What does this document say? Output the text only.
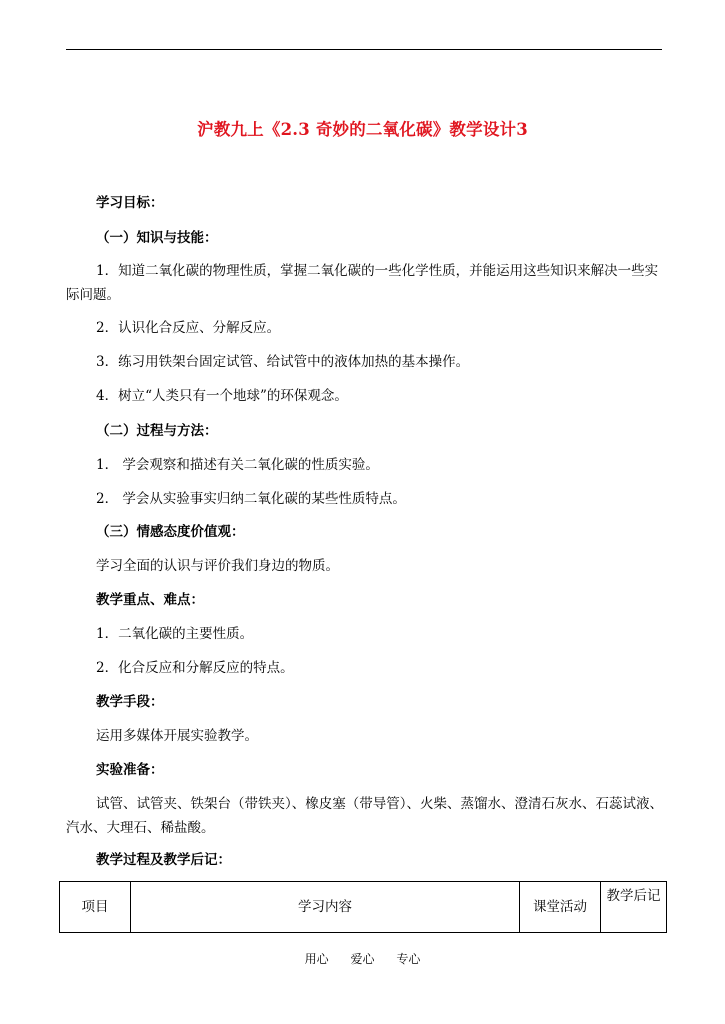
沪教九上《2.3 奇妙的二氧化碳》教学设计3
学习目标：
（一）知识与技能：
1．知道二氧化碳的物理性质，掌握二氧化碳的一些化学性质，并能运用这些知识来解决一些实际问题。
2．认识化合反应、分解反应。
3．练习用铁架台固定试管、给试管中的液体加热的基本操作。
4．树立“人类只有一个地球”的环保观念。
（二）过程与方法：
1． 学会观察和描述有关二氧化碳的性质实验。
2． 学会从实验事实归纳二氧化碳的某些性质特点。
（三）情感态度价值观：
学习全面的认识与评价我们身边的物质。
教学重点、难点：
1．二氧化碳的主要性质。
2．化合反应和分解反应的特点。
教学手段：
运用多媒体开展实验教学。
实验准备：
试管、试管夹、铁架台（带铁夹）、橡皮塞（带导管）、火柴、蒸馏水、澄清石灰水、石蕊试液、汽水、大理石、稀盐酸。
教学过程及教学后记：
项目	学习内容	课堂活动	教学后记
用心 爱心 专心
